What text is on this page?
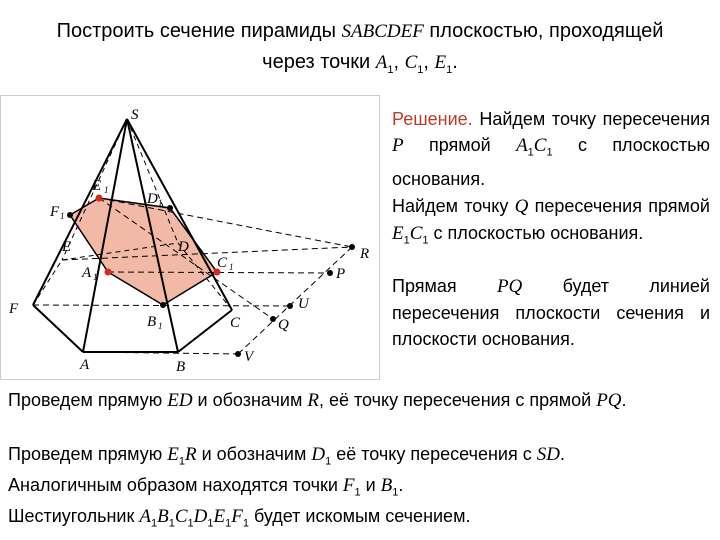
Построить сечение пирамиды SABCDEF плоскостью, проходящей
через точки $A_1$, $C_1$, $E_1$.
S
A	B
C
D
E
F
E 1
D 1
F 1
A 1
C 1
B 1
R
P
U
Q
V
Решение. Найдем точку пересечения P прямой $A_1C_1$ с плоскостью основания.
Найдем точку Q пересечения прямой $E_1C_1$ с плоскостью основания.
Прямая PQ будет линией пересечения плоскости сечения и плоскости основания.
Проведем прямую ED и обозначим R, её точку пересечения с прямой PQ.
Проведем прямую $E_1R$ и обозначим $D_1$ её точку пересечения с SD.
Аналогичным образом находятся точки $F_1$ и $B_1$.
Шестиугольник $A_1B_1C_1D_1E_1F_1$ будет искомым сечением.
